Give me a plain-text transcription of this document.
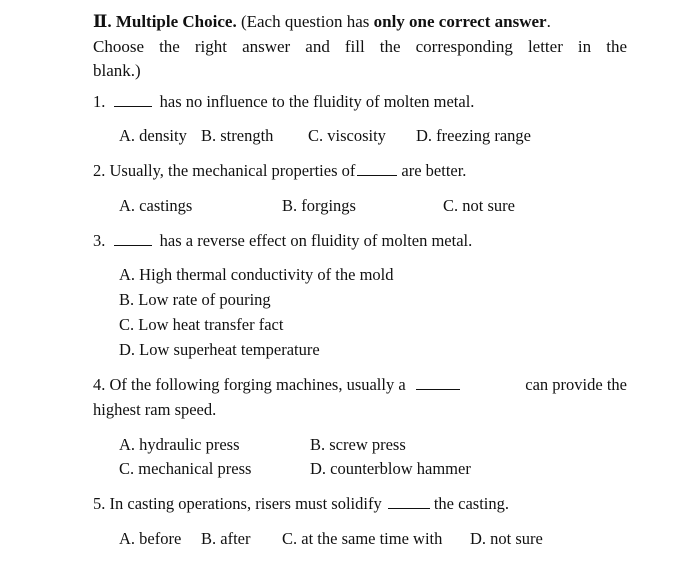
Ⅱ. Multiple Choice. (Each question has only one correct answer.
Choose the right answer and fill the corresponding letter in the
blank.)
1.	has no influence to the fluidity of molten metal.
A. density B. strength C. viscosity D. freezing range
2. Usually, the mechanical properties of	are better.
A. castings	B. forgings	C. not sure
3.	has a reverse effect on fluidity of molten metal.
A. High thermal conductivity of the mold
B. Low rate of pouring
C. Low heat transfer fact
D. Low superheat temperature
4. Of the following forging machines, usually a	can provide the
highest ram speed.
A. hydraulic press	B. screw press
C. mechanical press	D. counterblow hammer
5. In casting operations, risers must solidify	the casting.
A. before B. after C. at the same time with D. not sure
